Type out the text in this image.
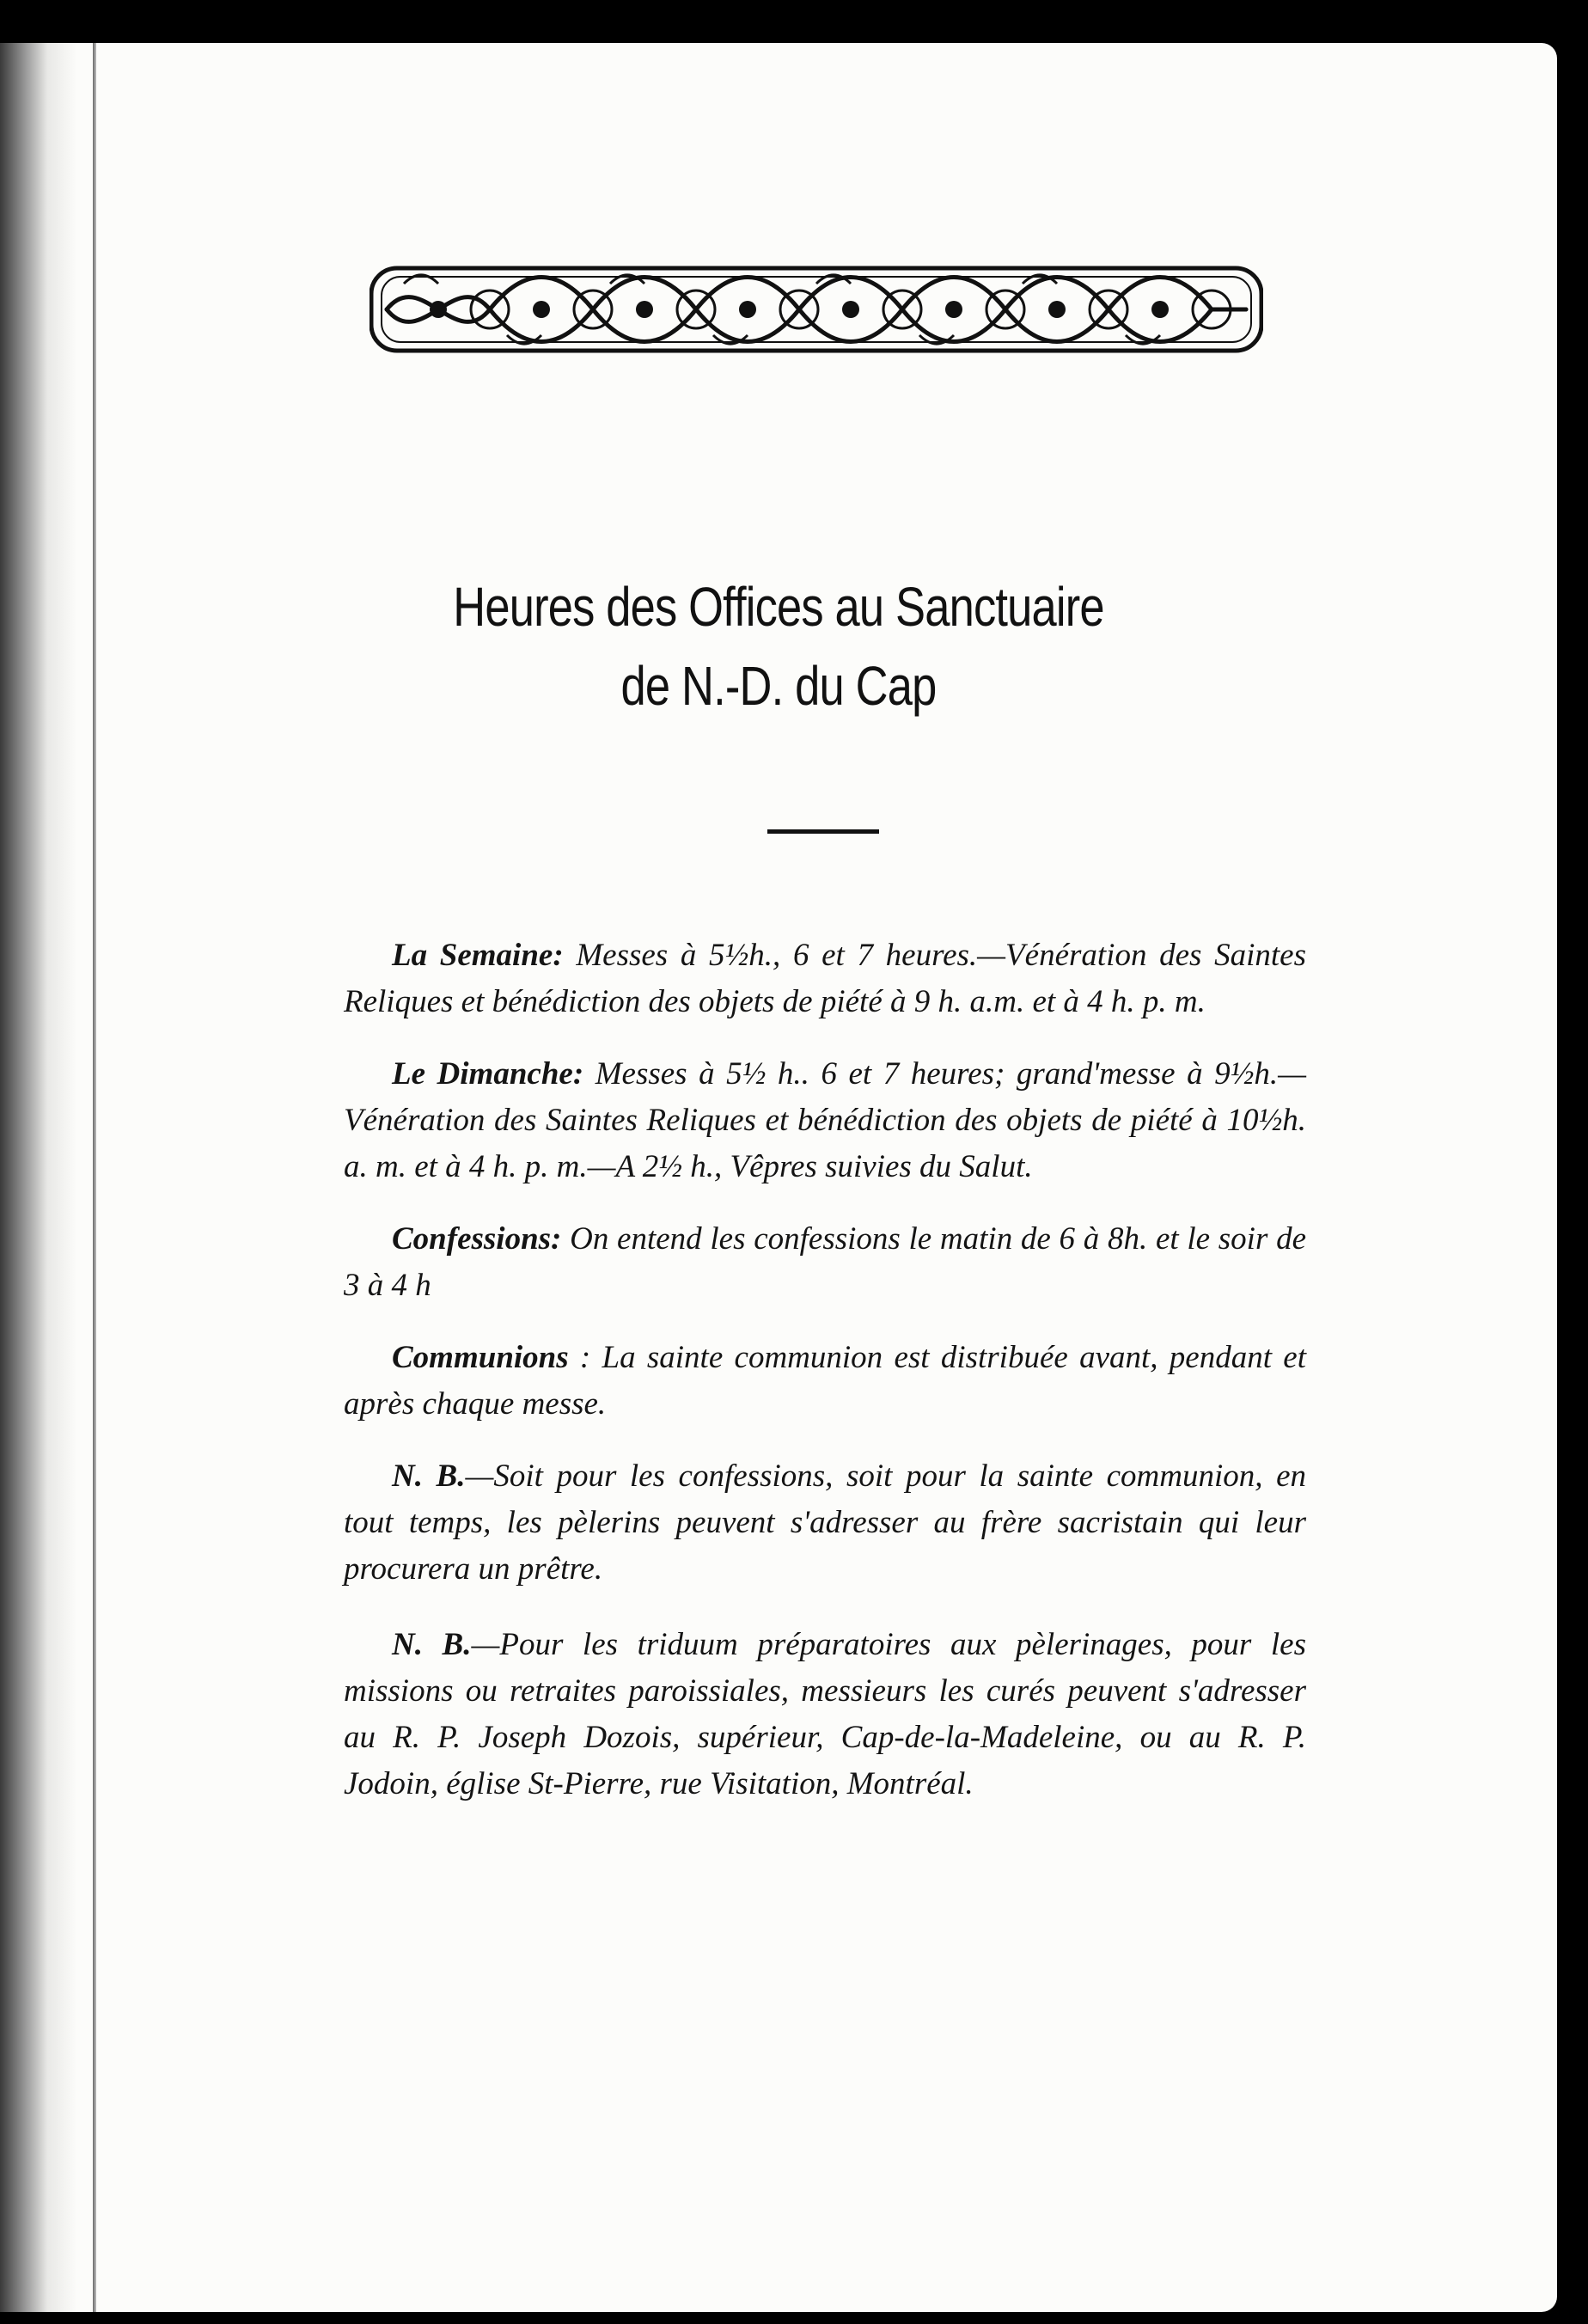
Heures des Offices au Sanctuaire
de N.-D. du Cap

La Semaine: Messes à 5½h., 6 et 7 heures.—Vénération des Saintes Reliques et bénédiction des objets de piété à 9 h. a.m. et à 4 h. p. m.

Le Dimanche: Messes à 5½ h.. 6 et 7 heures; grand'messe à 9½h.—Vénération des Saintes Reliques et bénédiction des objets de piété à 10½h. a. m. et à 4 h. p. m.—A 2½ h., Vêpres suivies du Salut.

Confessions: On entend les confessions le matin de 6 à 8h. et le soir de 3 à 4 h

Communions : La sainte communion est distribuée avant, pendant et après chaque messe.

N. B.—Soit pour les confessions, soit pour la sainte communion, en tout temps, les pèlerins peuvent s'adresser au frère sacristain qui leur procurera un prêtre.

N. B.—Pour les triduum préparatoires aux pèlerinages, pour les missions ou retraites paroissiales, messieurs les curés peuvent s'adresser au R. P. Joseph Dozois, supérieur, Cap-de-la-Madeleine, ou au R. P. Jodoin, église St-Pierre, rue Visitation, Montréal.
